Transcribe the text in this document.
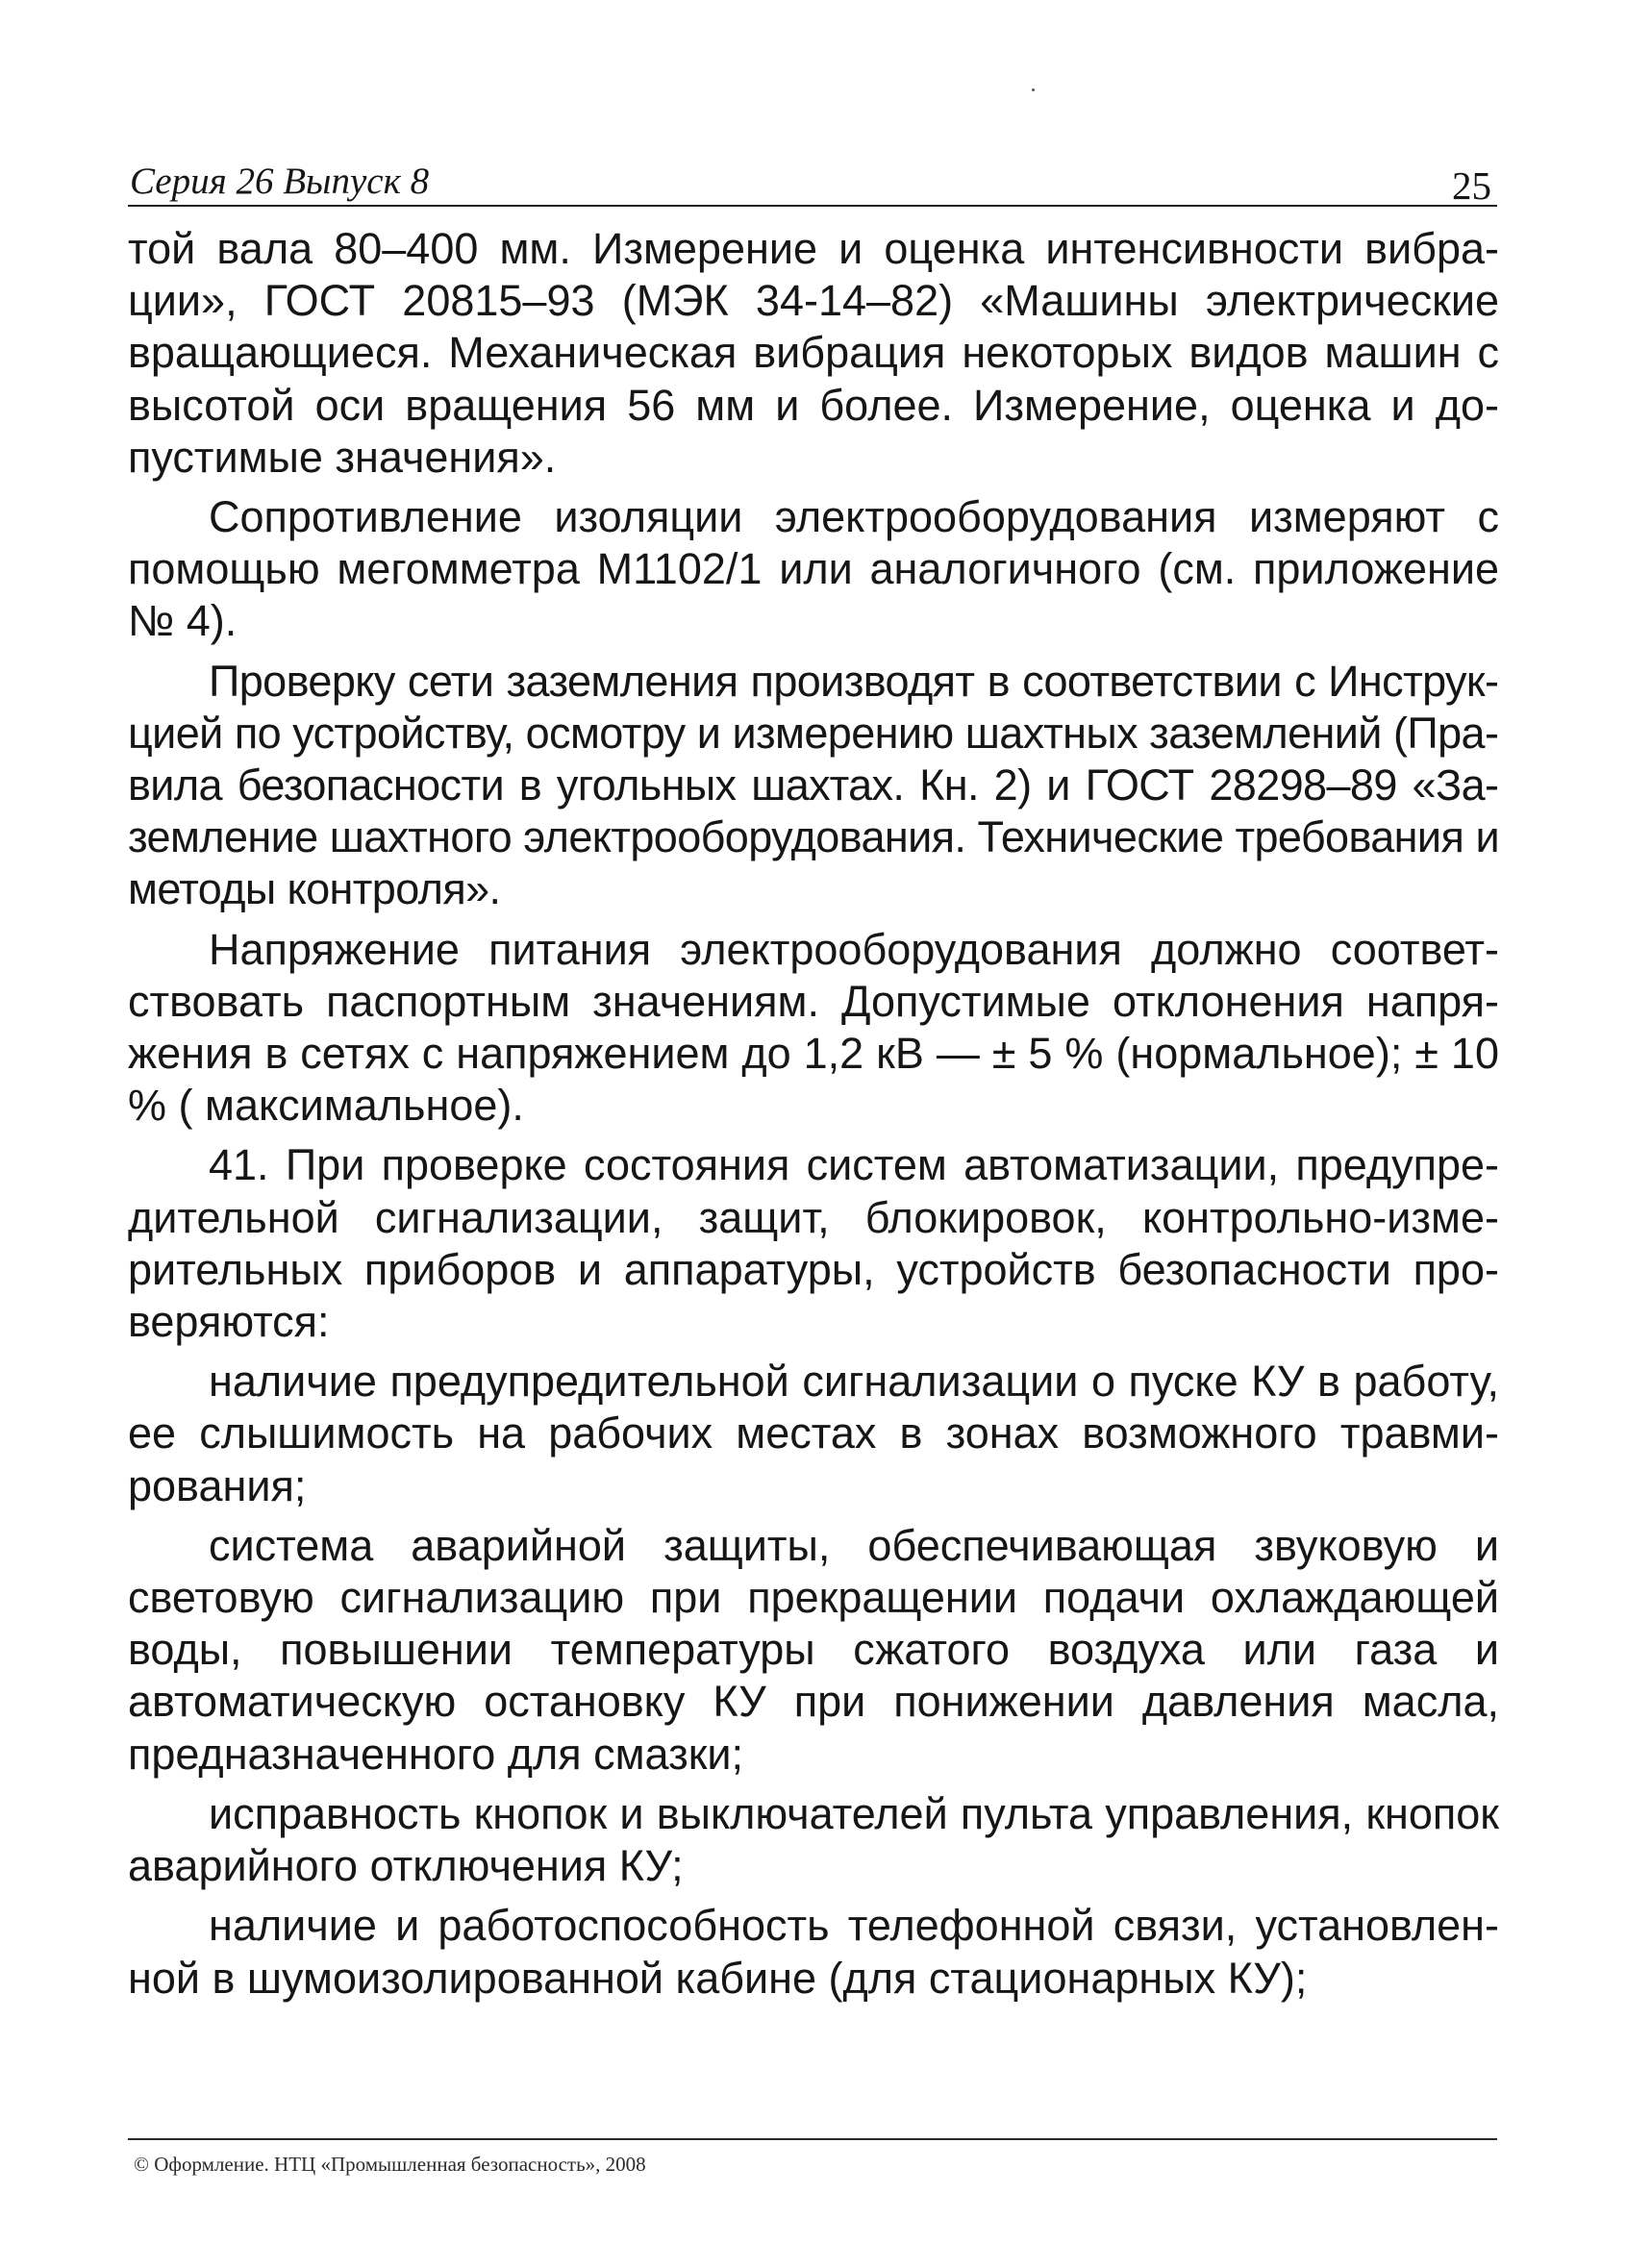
Серия 26 Выпуск 8	25

той вала 80–400 мм. Измерение и оценка интенсивности вибрации», ГОСТ 20815–93 (МЭК 34-14–82) «Машины электрические вращающиеся. Механическая вибрация некоторых видов машин с высотой оси вращения 56 мм и более. Измерение, оценка и допустимые значения».

Сопротивление изоляции электрооборудования измеряют с помощью мегомметра М1102/1 или аналогичного (см. приложение № 4).

Проверку сети заземления производят в соответствии с Инструкцией по устройству, осмотру и измерению шахтных заземлений (Правила безопасности в угольных шахтах. Кн. 2) и ГОСТ 28298–89 «Заземление шахтного электрооборудования. Технические требования и методы контроля».

Напряжение питания электрооборудования должно соответствовать паспортным значениям. Допустимые отклонения напряжения в сетях с напряжением до 1,2 кВ — ± 5 % (нормальное); ± 10 % ( максимальное).

41. При проверке состояния систем автоматизации, предупредительной сигнализации, защит, блокировок, контрольно-измерительных приборов и аппаратуры, устройств безопасности проверяются:

наличие предупредительной сигнализации о пуске КУ в работу, ее слышимость на рабочих местах в зонах возможного травмирования;

система аварийной защиты, обеспечивающая звуковую и световую сигнализацию при прекращении подачи охлаждающей воды, повышении температуры сжатого воздуха или газа и автоматическую остановку КУ при понижении давления масла, предназначенного для смазки;

исправность кнопок и выключателей пульта управления, кнопок аварийного отключения КУ;

наличие и работоспособность телефонной связи, установленной в шумоизолированной кабине (для стационарных КУ);

© Оформление. НТЦ «Промышленная безопасность», 2008
